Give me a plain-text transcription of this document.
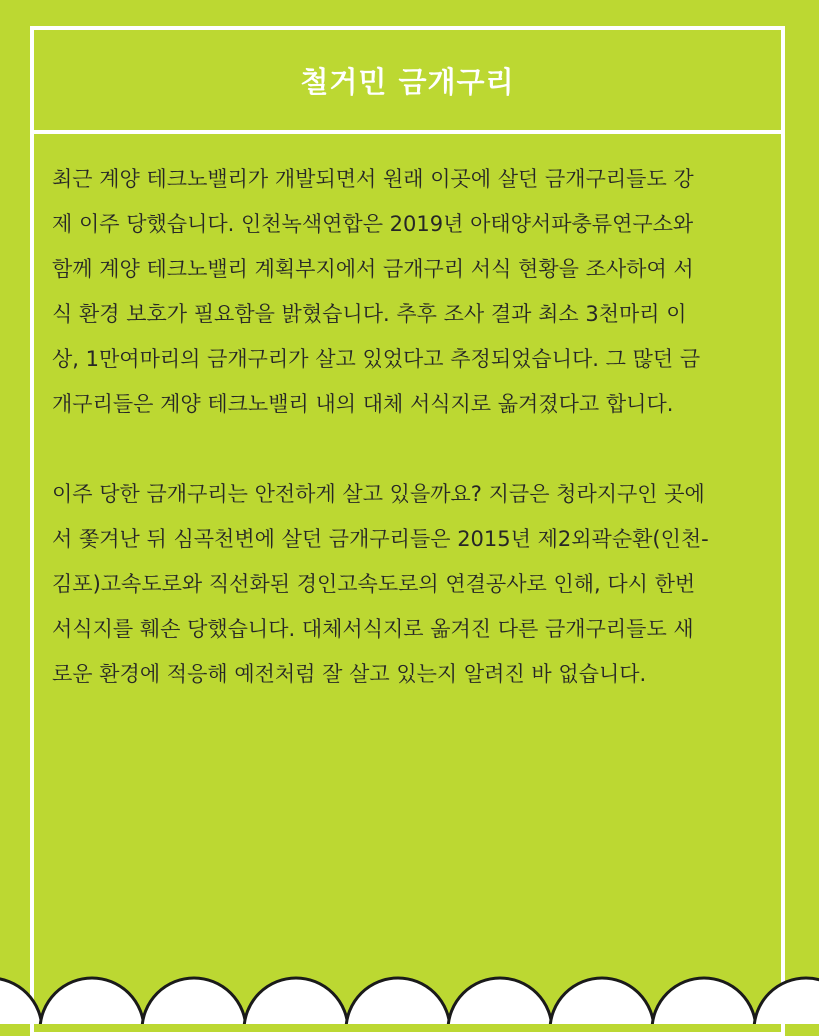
철거민 금개구리

최근 계양 테크노밸리가 개발되면서 원래 이곳에 살던 금개구리들도 강제 이주 당했습니다. 인천녹색연합은 2019년 아태양서파충류연구소와 함께 계양 테크노밸리 계획부지에서 금개구리 서식 현황을 조사하여 서식 환경 보호가 필요함을 밝혔습니다. 추후 조사 결과 최소 3천마리 이상, 1만여마리의 금개구리가 살고 있었다고 추정되었습니다. 그 많던 금개구리들은 계양 테크노밸리 내의 대체 서식지로 옮겨졌다고 합니다.

이주 당한 금개구리는 안전하게 살고 있을까요? 지금은 청라지구인 곳에서 쫓겨난 뒤 심곡천변에 살던 금개구리들은 2015년 제2외곽순환(인천-김포)고속도로와 직선화된 경인고속도로의 연결공사로 인해, 다시 한번 서식지를 훼손 당했습니다. 대체서식지로 옮겨진 다른 금개구리들도 새로운 환경에 적응해 예전처럼 잘 살고 있는지 알려진 바 없습니다.
